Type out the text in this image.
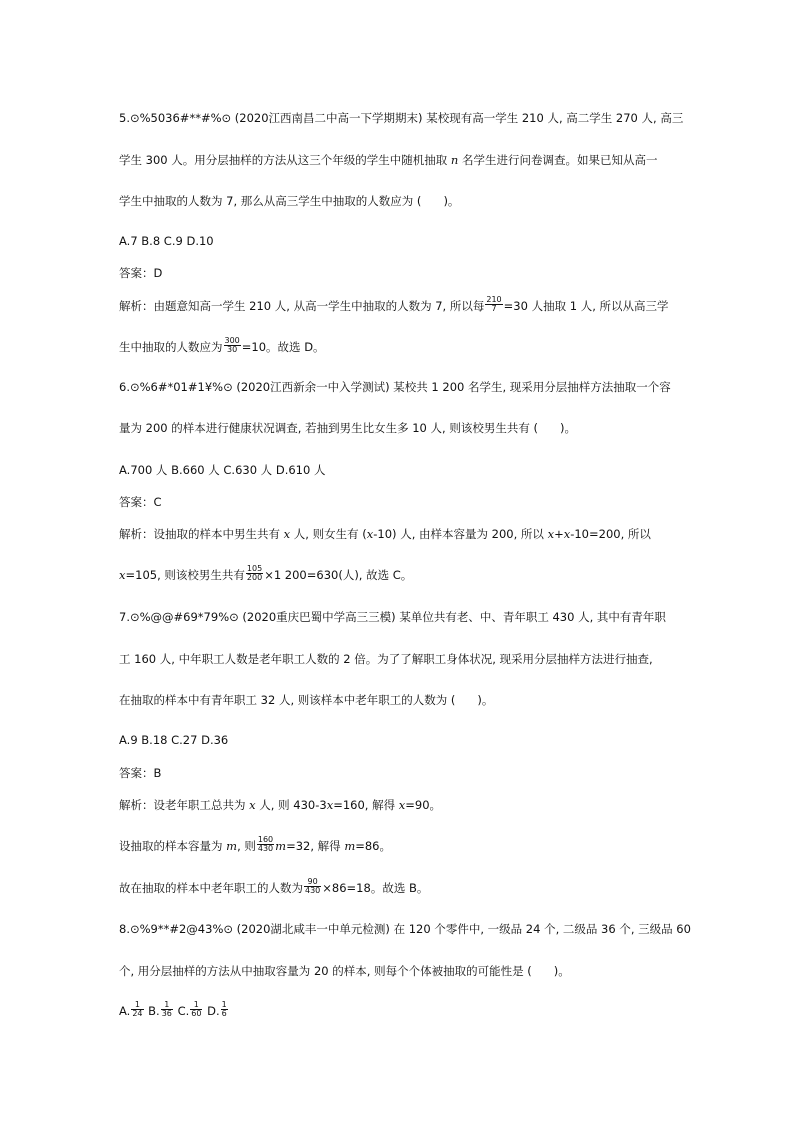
5.⊙%5036#**#%⊙ (2020江西南昌二中高一下学期期末) 某校现有高一学生 210 人, 高二学生 270 人, 高三
学生 300 人。用分层抽样的方法从这三个年级的学生中随机抽取 n 名学生进行问卷调查。如果已知从高一
学生中抽取的人数为 7, 那么从高三学生中抽取的人数应为 ( )。
A.7 B.8 C.9 D.10
答案：D
解析：由题意知高一学生 210 人, 从高一学生中抽取的人数为 7, 所以每 $\frac{210}{7} =30$ 人抽取 1 人, 所以从高三学
生中抽取的人数应为 $\frac{300}{30} =10$。故选 D。
6.⊙%6#*01#1¥%⊙ (2020江西新余一中入学测试) 某校共 1 200 名学生, 现采用分层抽样方法抽取一个容
量为 200 的样本进行健康状况调查, 若抽到男生比女生多 10 人, 则该校男生共有 ( )。
A.700 人 B.660 人 C.630 人 D.610 人
答案：C
解析：设抽取的样本中男生共有 x 人, 则女生有 (x-10) 人, 由样本容量为 200, 所以 x+x-10=200, 所以
x=105, 则该校男生共有 $\frac{105}{200} \times 1$ 200=630(人), 故选 C。
7.⊙%@@#69*79%⊙ (2020重庆巴蜀中学高三三模) 某单位共有老、中、青年职工 430 人, 其中有青年职
工 160 人, 中年职工人数是老年职工人数的 2 倍。为了了解职工身体状况, 现采用分层抽样方法进行抽查,
在抽取的样本中有青年职工 32 人, 则该样本中老年职工的人数为 ( )。
A.9 B.18 C.27 D.36
答案：B
解析：设老年职工总共为 x 人, 则 430-3x=160, 解得 x=90。
设抽取的样本容量为 m, 则 $\frac{160}{430} m=32$, 解得 m=86。
故在抽取的样本中老年职工的人数为 $\frac{90}{430} \times 86=18$。故选 B。
8.⊙%9**#2@43%⊙ (2020湖北咸丰一中单元检测) 在 120 个零件中, 一级品 24 个, 二级品 36 个, 三级品 60
个, 用分层抽样的方法从中抽取容量为 20 的样本, 则每个个体被抽取的可能性是 ( )。
A. $\frac{1}{24} B$. $\frac{1}{36} C$. $\frac{1}{60} D$. $\frac{1}{6}$
